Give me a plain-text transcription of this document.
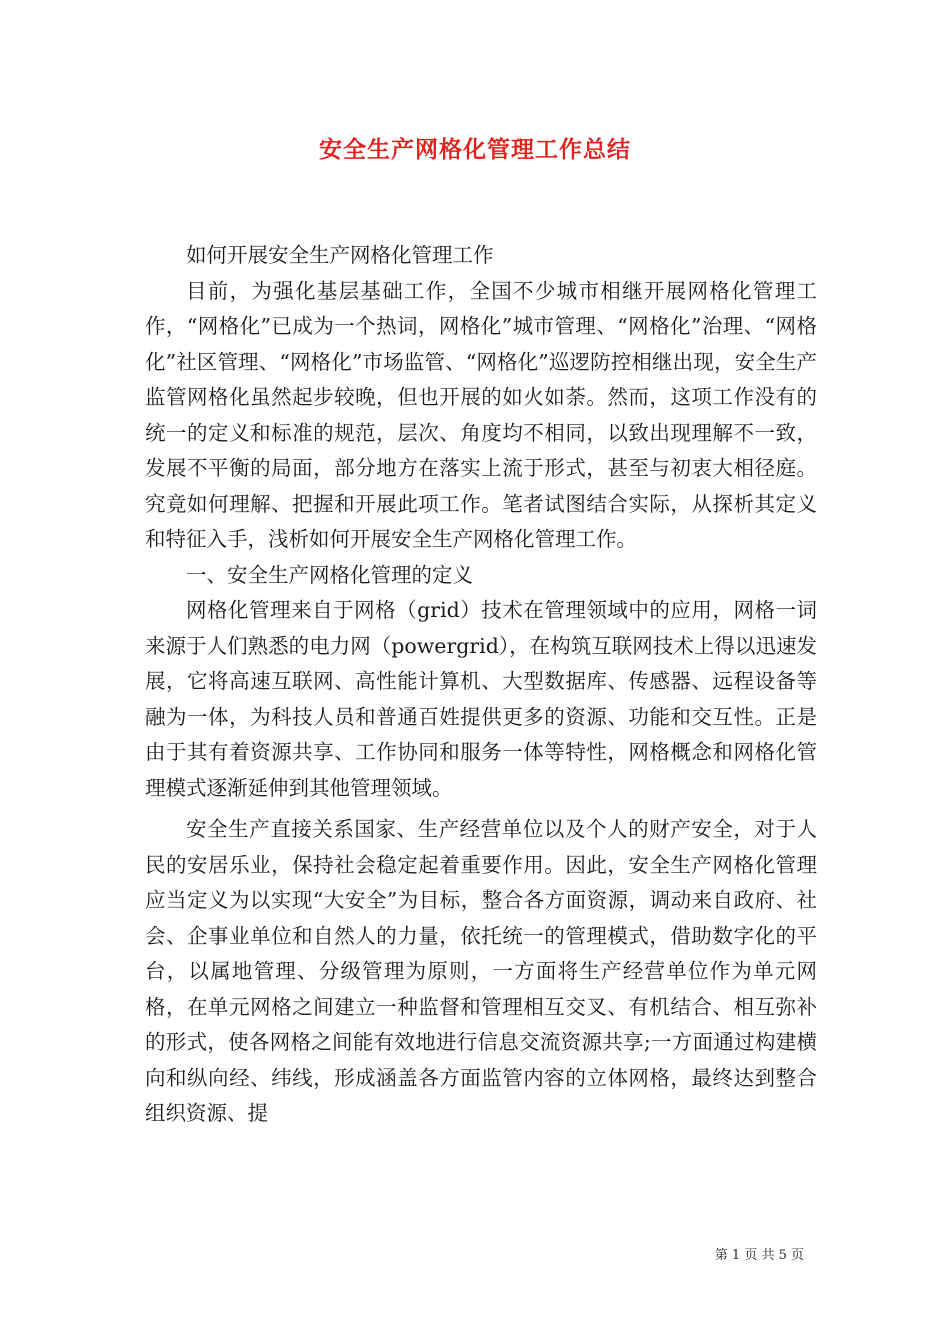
安全生产网格化管理工作总结

如何开展安全生产网格化管理工作

目前，为强化基层基础工作，全国不少城市相继开展网格化管理工作，“网格化”已成为一个热词，网格化”城市管理、“网格化”治理、“网格化”社区管理、“网格化”市场监管、“网格化”巡逻防控相继出现，安全生产监管网格化虽然起步较晚，但也开展的如火如荼。然而，这项工作没有的统一的定义和标准的规范，层次、角度均不相同，以致出现理解不一致，发展不平衡的局面，部分地方在落实上流于形式，甚至与初衷大相径庭。究竟如何理解、把握和开展此项工作。笔者试图结合实际，从探析其定义和特征入手，浅析如何开展安全生产网格化管理工作。

一、安全生产网格化管理的定义

网格化管理来自于网格（grid）技术在管理领域中的应用，网格一词来源于人们熟悉的电力网（powergrid），在构筑互联网技术上得以迅速发展，它将高速互联网、高性能计算机、大型数据库、传感器、远程设备等融为一体，为科技人员和普通百姓提供更多的资源、功能和交互性。正是由于其有着资源共享、工作协同和服务一体等特性，网格概念和网格化管理模式逐渐延伸到其他管理领域。

安全生产直接关系国家、生产经营单位以及个人的财产安全，对于人民的安居乐业，保持社会稳定起着重要作用。因此，安全生产网格化管理应当定义为以实现“大安全”为目标，整合各方面资源，调动来自政府、社会、企事业单位和自然人的力量，依托统一的管理模式，借助数字化的平台，以属地管理、分级管理为原则，一方面将生产经营单位作为单元网格，在单元网格之间建立一种监督和管理相互交叉、有机结合、相互弥补的形式，使各网格之间能有效地进行信息交流资源共享;一方面通过构建横向和纵向经、纬线，形成涵盖各方面监管内容的立体网格，最终达到整合组织资源、提

第 1 页 共 5 页
